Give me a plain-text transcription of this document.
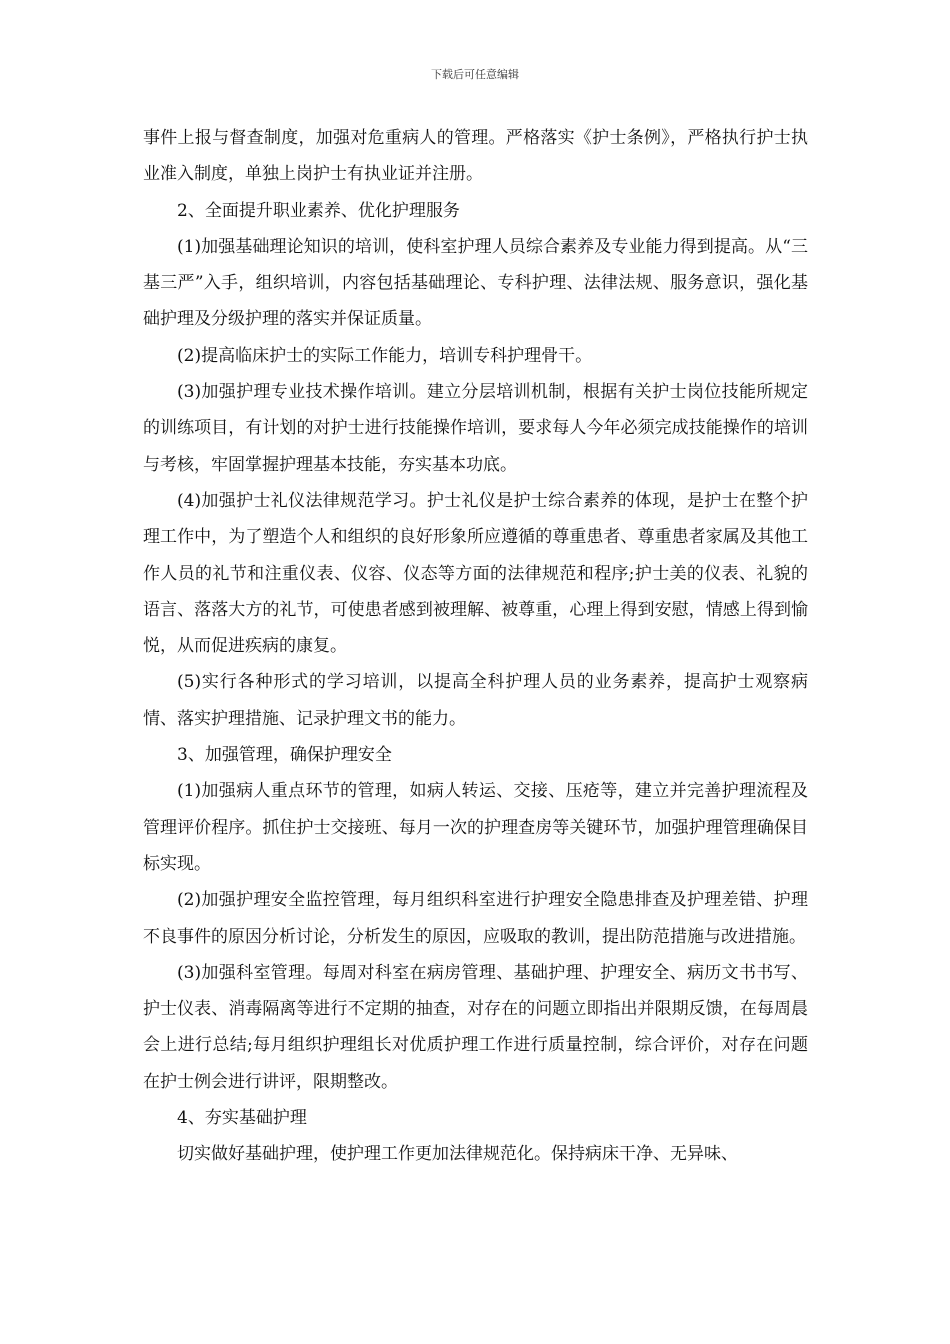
下载后可任意编辑

事件上报与督查制度，加强对危重病人的管理。严格落实《护士条例》，严格执行护士执业准入制度，单独上岗护士有执业证并注册。

2、全面提升职业素养、优化护理服务

(1)加强基础理论知识的培训，使科室护理人员综合素养及专业能力得到提高。从“三基三严”入手，组织培训，内容包括基础理论、专科护理、法律法规、服务意识，强化基础护理及分级护理的落实并保证质量。

(2)提高临床护士的实际工作能力，培训专科护理骨干。

(3)加强护理专业技术操作培训。建立分层培训机制，根据有关护士岗位技能所规定的训练项目，有计划的对护士进行技能操作培训，要求每人今年必须完成技能操作的培训与考核，牢固掌握护理基本技能，夯实基本功底。

(4)加强护士礼仪法律规范学习。护士礼仪是护士综合素养的体现，是护士在整个护理工作中，为了塑造个人和组织的良好形象所应遵循的尊重患者、尊重患者家属及其他工作人员的礼节和注重仪表、仪容、仪态等方面的法律规范和程序;护士美的仪表、礼貌的语言、落落大方的礼节，可使患者感到被理解、被尊重，心理上得到安慰，情感上得到愉悦，从而促进疾病的康复。

(5)实行各种形式的学习培训，以提高全科护理人员的业务素养，提高护士观察病情、落实护理措施、记录护理文书的能力。

3、加强管理，确保护理安全

(1)加强病人重点环节的管理，如病人转运、交接、压疮等，建立并完善护理流程及管理评价程序。抓住护士交接班、每月一次的护理查房等关键环节，加强护理管理确保目标实现。

(2)加强护理安全监控管理，每月组织科室进行护理安全隐患排查及护理差错、护理不良事件的原因分析讨论，分析发生的原因，应吸取的教训，提出防范措施与改进措施。

(3)加强科室管理。每周对科室在病房管理、基础护理、护理安全、病历文书书写、护士仪表、消毒隔离等进行不定期的抽查，对存在的问题立即指出并限期反馈，在每周晨会上进行总结;每月组织护理组长对优质护理工作进行质量控制，综合评价，对存在问题在护士例会进行讲评，限期整改。

4、夯实基础护理

切实做好基础护理，使护理工作更加法律规范化。保持病床干净、无异味、
